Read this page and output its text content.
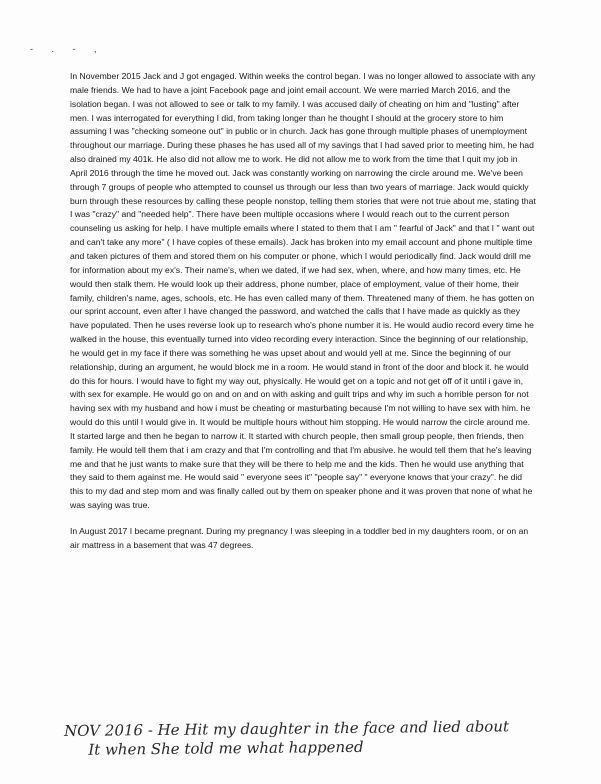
- . - ,

In November 2015 Jack and J got engaged. Within weeks the control began. I was no longer allowed to associate with any male friends. We had to have a joint Facebook page and joint email account. We were married March 2016, and the isolation began. I was not allowed to see or talk to my family. I was accused daily of cheating on him and "lusting" after men. I was interrogated for everything I did, from taking longer than he thought I should at the grocery store to him assuming I was "checking someone out" in public or in church. Jack has gone through multiple phases of unemployment throughout our marriage. During these phases he has used all of my savings that I had saved prior to meeting him, he had also drained my 401k. He also did not allow me to work. He did not allow me to work from the time that I quit my job in April 2016 through the time he moved out. Jack was constantly working on narrowing the circle around me. We've been through 7 groups of people who attempted to counsel us through our less than two years of marriage. Jack would quickly burn through these resources by calling these people nonstop, telling them stories that were not true about me, stating that I was "crazy" and "needed help". There have been multiple occasions where I would reach out to the current person counseling us asking for help. I have multiple emails where I stated to them that I am " fearful of Jack" and that I " want out and can't take any more" ( I have copies of these emails). Jack has broken into my email account and phone multiple time and taken pictures of them and stored them on his computer or phone, which I would periodically find. Jack would drill me for information about my ex's. Their name's, when we dated, if we had sex, when, where, and how many times, etc. He would then stalk them. He would look up their address, phone number, place of employment, value of their home, their family, children's name, ages, schools, etc. He has even called many of them. Threatened many of them. he has gotten on our sprint account, even after I have changed the password, and watched the calls that I have made as quickly as they have populated. Then he uses reverse look up to research who's phone number it is. He would audio record every time he walked in the house, this eventually turned into video recording every interaction. Since the beginning of our relationship, he would get in my face if there was something he was upset about and would yell at me. Since the beginning of our relationship, during an argument, he would block me in a room. He would stand in front of the door and block it. he would do this for hours. I would have to fight my way out, physically. He would get on a topic and not get off of it until i gave in, with sex for example. He would go on and on and on with asking and guilt trips and why im such a horrible person for not having sex with my husband and how i must be cheating or masturbating because I'm not willing to have sex with him. he would do this until I would give in. It would be multiple hours without him stopping. He would narrow the circle around me. It started large and then he began to narrow it. It started with church people, then small group people, then friends, then family. He would tell them that i am crazy and that I'm controlling and that I'm abusive. he would tell them that he's leaving me and that he just wants to make sure that they will be there to help me and the kids. Then he would use anything that they said to them against me. He would said " everyone sees it" "people say" " everyone knows that your crazy". he did this to my dad and step mom and was finally called out by them on speaker phone and it was proven that none of what he was saying was true.

In August 2017 I became pregnant. During my pregnancy I was sleeping in a toddler bed in my daughters room, or on an air mattress in a basement that was 47 degrees.

NOV 2016 - He Hit my daughter in the face and lied about
It when She told me what happened
